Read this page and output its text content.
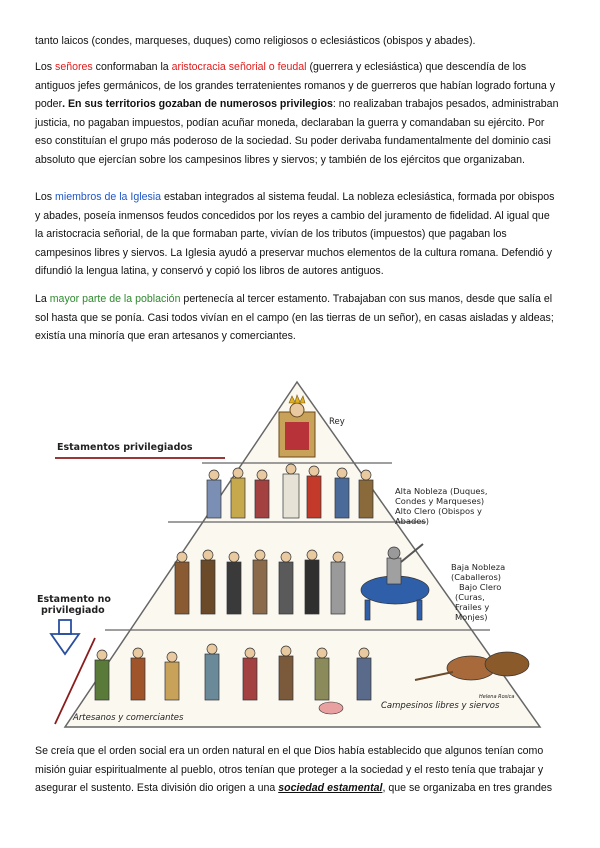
tanto laicos (condes, marqueses, duques) como religiosos o eclesiásticos (obispos y abades).
Los señores conformaban la aristocracia señorial o feudal (guerrera y eclesiástica) que descendía de los antiguos jefes germánicos, de los grandes terratenientes romanos y de guerreros que habían logrado fortuna y poder. En sus territorios gozaban de numerosos privilegios: no realizaban trabajos pesados, administraban justicia, no pagaban impuestos, podían acuñar moneda, declaraban la guerra y comandaban su ejército. Por eso constituían el grupo más poderoso de la sociedad. Su poder derivaba fundamentalmente del dominio casi absoluto que ejercían sobre los campesinos libres y siervos; y también de los ejércitos que organizaban.
Los miembros de la Iglesia estaban integrados al sistema feudal. La nobleza eclesiástica, formada por obispos y abades, poseía inmensos feudos concedidos por los reyes a cambio del juramento de fidelidad. Al igual que la aristocracia señorial, de la que formaban parte, vivían de los tributos (impuestos) que pagaban los campesinos libres y siervos. La Iglesia ayudó a preservar muchos elementos de la cultura romana. Defendió y difundió la lengua latina, y conservó y copió los libros de autores antiguos.
La mayor parte de la población pertenecía al tercer estamento. Trabajaban con sus manos, desde que salía el sol hasta que se ponía. Casi todos vivían en el campo (en las tierras de un señor), en casas aisladas y aldeas; existía una minoría que eran artesanos y comerciantes.
Estamentos privilegiados
Estamento no
privilegiado
Rey
Alta Nobleza (Duques,
Condes y Marqueses)
Alto Clero (Obispos y
Abades)
Baja Nobleza
(Caballeros)
Bajo Clero
(Curas,
Frailes y
Monjes)
Artesanos y comerciantes
Campesinos libres y siervos
Helena Rosica
Se creía que el orden social era un orden natural en el que Dios había establecido que algunos tenían como misión guiar espiritualmente al pueblo, otros tenían que proteger a la sociedad y el resto tenía que trabajar y asegurar el sustento. Esta división dio origen a una sociedad estamental, que se organizaba en tres grandes
